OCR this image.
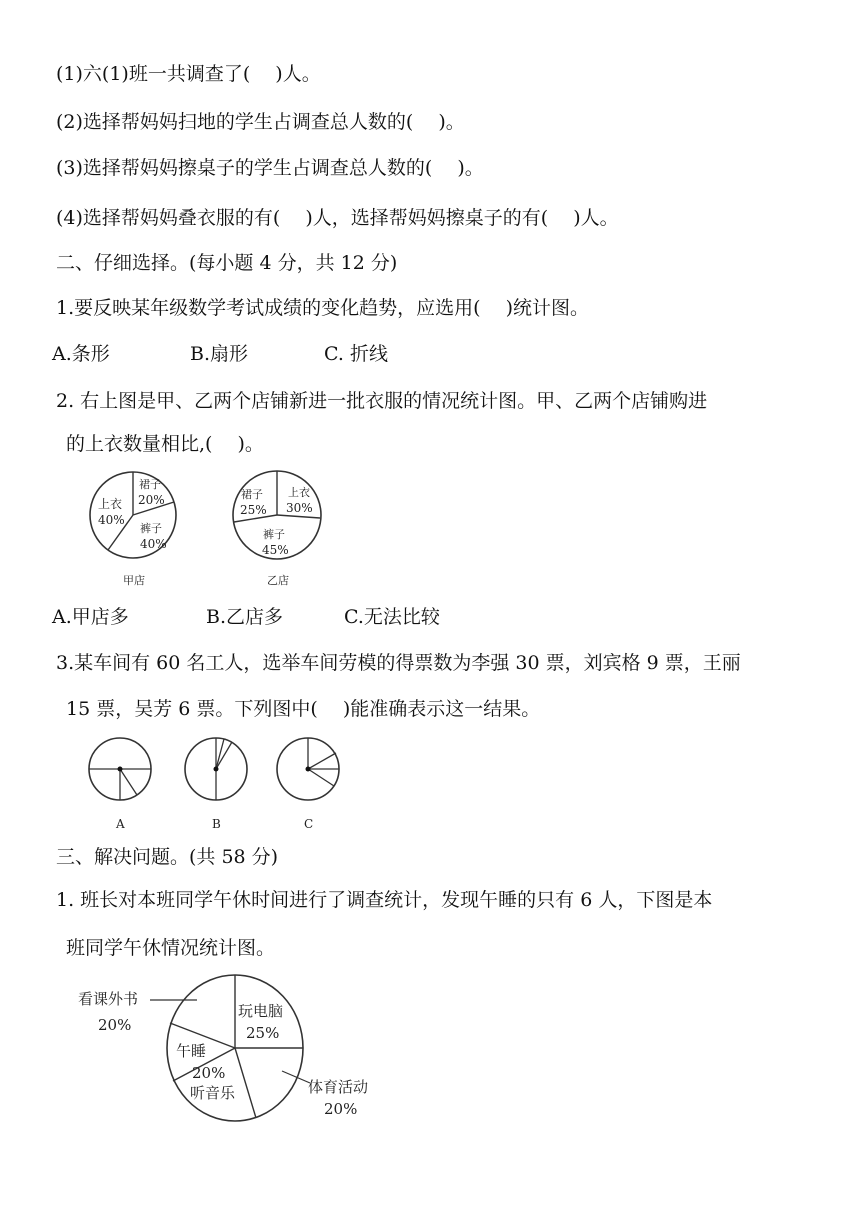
(1)六(1)班一共调查了(　 )人。
(2)选择帮妈妈扫地的学生占调查总人数的(　 )。
(3)选择帮妈妈擦桌子的学生占调查总人数的(　 )。
(4)选择帮妈妈叠衣服的有(　 )人，选择帮妈妈擦桌子的有(　 )人。
二、仔细选择。(每小题 4 分，共 12 分)
1.要反映某年级数学考试成绩的变化趋势，应选用(　 )统计图。
A.条形	B.扇形	C. 折线
2. 右上图是甲、乙两个店铺新进一批衣服的情况统计图。甲、乙两个店铺购进
的上衣数量相比,(　 )。
上衣
40%
裙子
20%
裤子
40%
甲店
上衣
30%
裙子
25%
裤子
45%
乙店
A.甲店多	B.乙店多	C.无法比较
3.某车间有 60 名工人，选举车间劳模的得票数为李强 30 票，刘宾格 9 票，王丽
15 票，吴芳 6 票。下列图中(　 )能准确表示这一结果。
A	B	C
三、解决问题。(共 58 分)
1. 班长对本班同学午休时间进行了调查统计，发现午睡的只有 6 人，下图是本
班同学午休情况统计图。
看课外书
20%
玩电脑
25%
午睡
20%
听音乐	体育活动
20%
